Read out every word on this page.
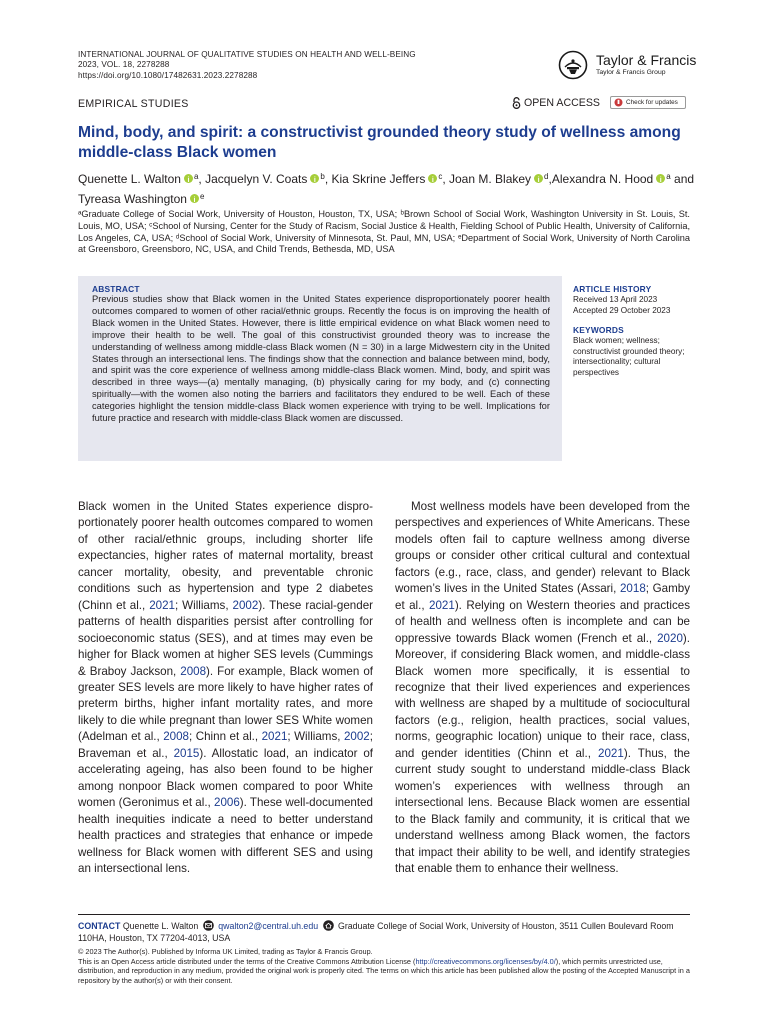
INTERNATIONAL JOURNAL OF QUALITATIVE STUDIES ON HEALTH AND WELL-BEING
2023, VOL. 18, 2278288
https://doi.org/10.1080/17482631.2023.2278288
Taylor & Francis
Taylor & Francis Group
EMPIRICAL STUDIES	OPEN ACCESS	Check for updates
Mind, body, and spirit: a constructivist grounded theory study of wellness among middle-class Black women
Quenette L. Walton i $^a$, Jacquelyn V. Coats i $^b$, Kia Skrine Jeffers i $^c$, Joan M. Blakey i $^d$,Alexandra N. Hood i $^a$ and Tyreasa Washington i $^e$
ᵃGraduate College of Social Work, University of Houston, Houston, TX, USA; ᵇBrown School of Social Work, Washington University in St. Louis, St. Louis, MO, USA; ᶜSchool of Nursing, Center for the Study of Racism, Social Justice & Health, Fielding School of Public Health, University of California, Los Angeles, CA, USA; ᵈSchool of Social Work, University of Minnesota, St. Paul, MN, USA; ᵉDepartment of Social Work, University of North Carolina at Greensboro, Greensboro, NC, USA, and Child Trends, Bethesda, MD, USA
ABSTRACT
Previous studies show that Black women in the United States experience disproportionately poorer health outcomes compared to women of other racial/ethnic groups. Recently the focus is on improving the health of Black women in the United States. However, there is little empirical evidence on what Black women need to improve their health to be well. The goal of this constructivist grounded theory was to increase the understanding of wellness among middle-class Black women (N = 30) in a large Midwestern city in the United States through an intersectional lens. The findings show that the connection and balance between mind, body, and spirit was the core experience of wellness among middle-class Black women. Mind, body, and spirit was described in three ways—(a) mentally managing, (b) physically caring for my body, and (c) connecting spiritually—with the women also noting the barriers and facilitators they endured to be well. Each of these categories highlight the tension middle-class Black women experience with trying to be well. Implications for future practice and research with middle-class Black women are discussed.
ARTICLE HISTORY
Received 13 April 2023
Accepted 29 October 2023
KEYWORDS
Black women; wellness; constructivist grounded theory; intersectionality; cultural perspectives
Black women in the United States experience disproportionately poorer health outcomes compared to women of other racial/ethnic groups, including shorter life expectancies, higher rates of maternal mortality, breast cancer mortality, obesity, and preventable chronic conditions such as hypertension and type 2 diabetes (Chinn et al., 2021; Williams, 2002). These racial-gender patterns of health disparities persist after controlling for socioeconomic status (SES), and at times may even be higher for Black women at higher SES levels (Cummings & Braboy Jackson, 2008). For example, Black women of greater SES levels are more likely to have higher rates of preterm births, higher infant mortality rates, and more likely to die while pregnant than lower SES White women (Adelman et al., 2008; Chinn et al., 2021; Williams, 2002; Braveman et al., 2015). Allostatic load, an indicator of accelerating ageing, has also been found to be higher among nonpoor Black women compared to poor White women (Geronimus et al., 2006). These well-documented health inequities indicate a need to better understand health practices and strategies that enhance or impede wellness for Black women with different SES and using an intersectional lens.
Most wellness models have been developed from the perspectives and experiences of White Americans. These models often fail to capture wellness among diverse groups or consider other critical cultural and contextual factors (e.g., race, class, and gender) relevant to Black women’s lives in the United States (Assari, 2018; Gamby et al., 2021). Relying on Western theories and practices of health and wellness often is incomplete and can be oppressive towards Black women (French et al., 2020). Moreover, if considering Black women, and middle-class Black women more specifically, it is essential to recognize that their lived experiences and experiences with wellness are shaped by a multitude of sociocultural factors (e.g., religion, health practices, social values, norms, geographic location) unique to their race, class, and gender identities (Chinn et al., 2021). Thus, the current study sought to understand middle-class Black women’s experiences with wellness through an intersectional lens. Because Black women are essential to the Black family and community, it is critical that we understand wellness among Black women, the factors that impact their ability to be well, and identify strategies that enable them to enhance their wellness.
CONTACT Quenette L. Walton qwalton2@central.uh.edu Graduate College of Social Work, University of Houston, 3511 Cullen Boulevard Room 110HA, Houston, TX 77204-4013, USA
© 2023 The Author(s). Published by Informa UK Limited, trading as Taylor & Francis Group.
This is an Open Access article distributed under the terms of the Creative Commons Attribution License (http://creativecommons.org/licenses/by/4.0/), which permits unrestricted use, distribution, and reproduction in any medium, provided the original work is properly cited. The terms on which this article has been published allow the posting of the Accepted Manuscript in a repository by the author(s) or with their consent.
